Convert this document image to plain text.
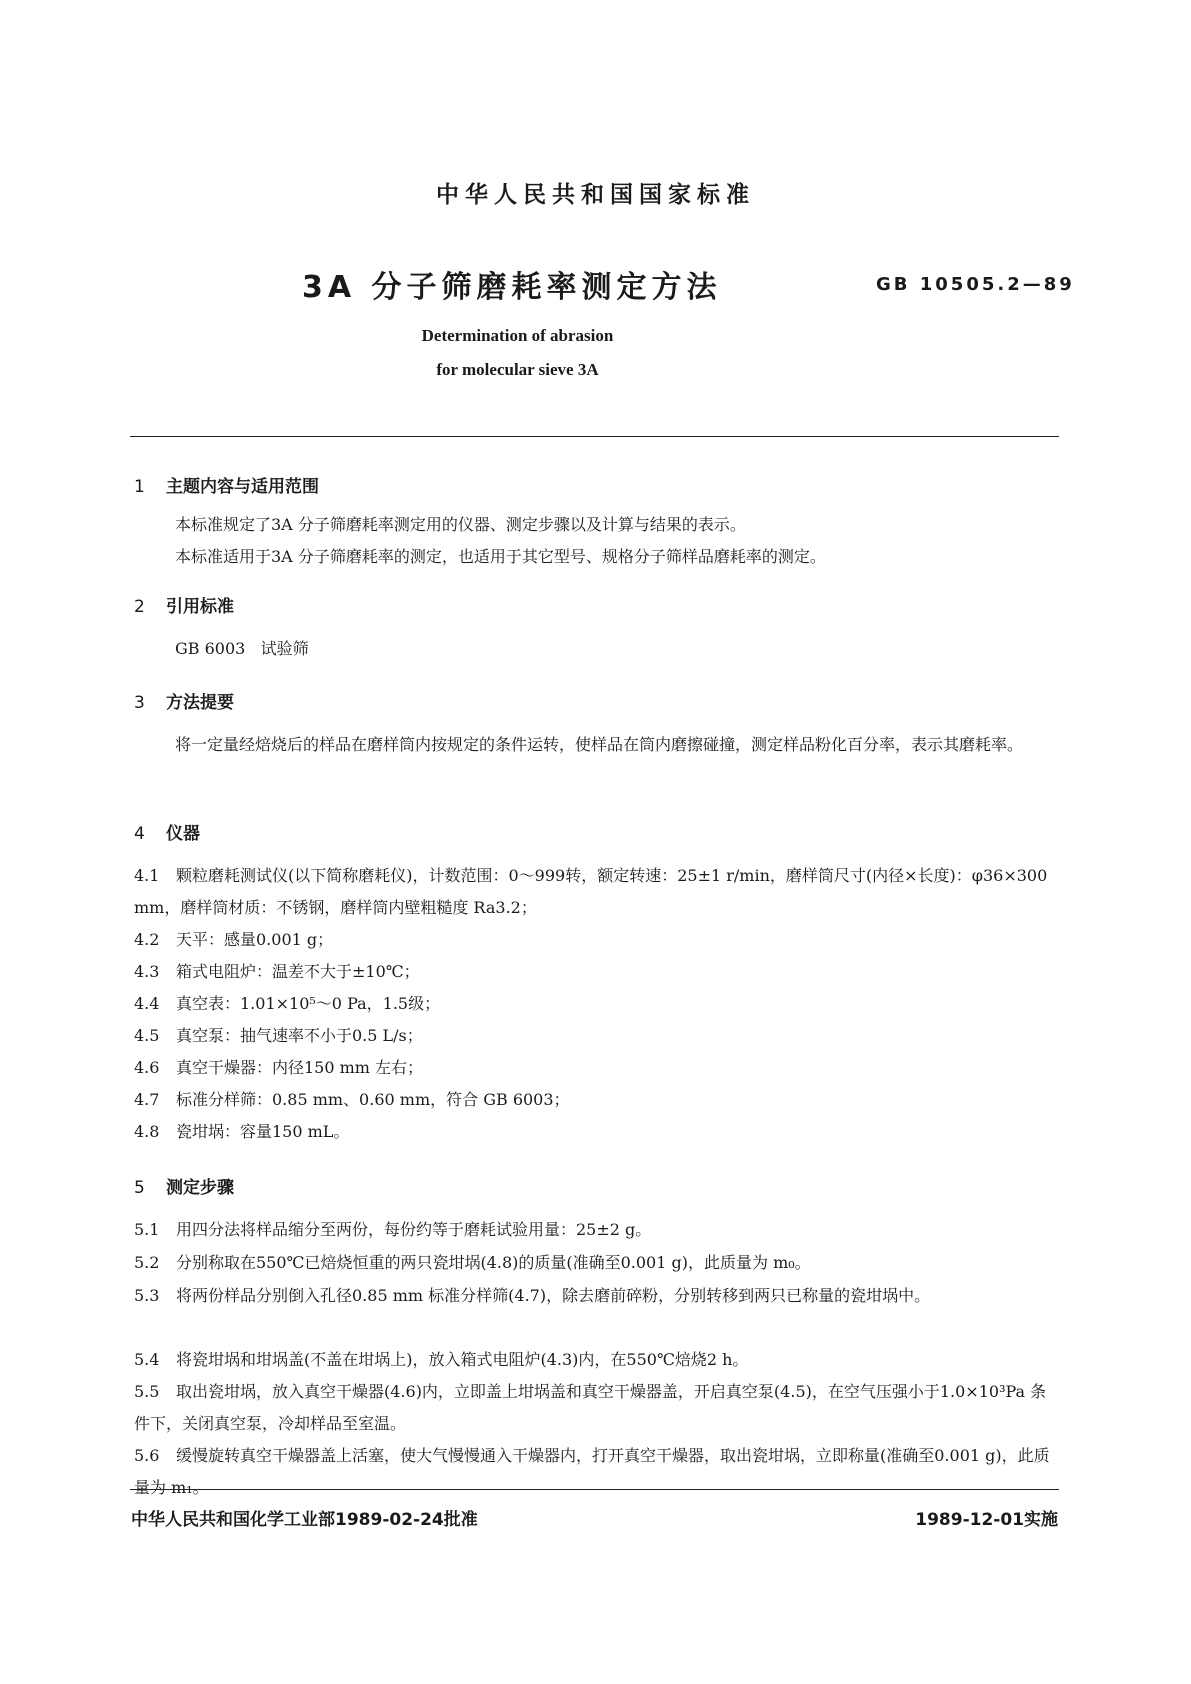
中华人民共和国国家标准
3A 分子筛磨耗率测定方法	GB 10505.2—89
Determination of abrasion
for molecular sieve 3A
1 主题内容与适用范围
本标准规定了3A 分子筛磨耗率测定用的仪器、测定步骤以及计算与结果的表示。
本标准适用于3A 分子筛磨耗率的测定，也适用于其它型号、规格分子筛样品磨耗率的测定。
2 引用标准
GB 6003   试验筛
3 方法提要
将一定量经焙烧后的样品在磨样筒内按规定的条件运转，使样品在筒内磨擦碰撞，测定样品粉化百分率，表示其磨耗率。
4 仪器
4.1 颗粒磨耗测试仪(以下简称磨耗仪)，计数范围：0～999转，额定转速：25±1 r/min，磨样筒尺寸(内径×长度)：φ36×300 mm，磨样筒材质：不锈钢，磨样筒内壁粗糙度 Ra3.2；
4.2 天平：感量0.001 g；
4.3 箱式电阻炉：温差不大于±10℃；
4.4 真空表：1.01×10⁵～0 Pa，1.5级；
4.5 真空泵：抽气速率不小于0.5 L/s；
4.6 真空干燥器：内径150 mm 左右；
4.7 标准分样筛：0.85 mm、0.60 mm，符合 GB 6003；
4.8 瓷坩埚：容量150 mL。
5 测定步骤
5.1 用四分法将样品缩分至两份，每份约等于磨耗试验用量：25±2 g。
5.2 分别称取在550℃已焙烧恒重的两只瓷坩埚(4.8)的质量(准确至0.001 g)，此质量为 m₀。
5.3 将两份样品分别倒入孔径0.85 mm 标准分样筛(4.7)，除去磨前碎粉，分别转移到两只已称量的瓷坩埚中。
5.4 将瓷坩埚和坩埚盖(不盖在坩埚上)，放入箱式电阻炉(4.3)内，在550℃焙烧2 h。
5.5 取出瓷坩埚，放入真空干燥器(4.6)内，立即盖上坩埚盖和真空干燥器盖，开启真空泵(4.5)，在空气压强小于1.0×10³Pa 条件下，关闭真空泵，冷却样品至室温。
5.6 缓慢旋转真空干燥器盖上活塞，使大气慢慢通入干燥器内，打开真空干燥器，取出瓷坩埚，立即称量(准确至0.001 g)，此质量为 m₁。
中华人民共和国化学工业部1989-02-24批准	1989-12-01实施
